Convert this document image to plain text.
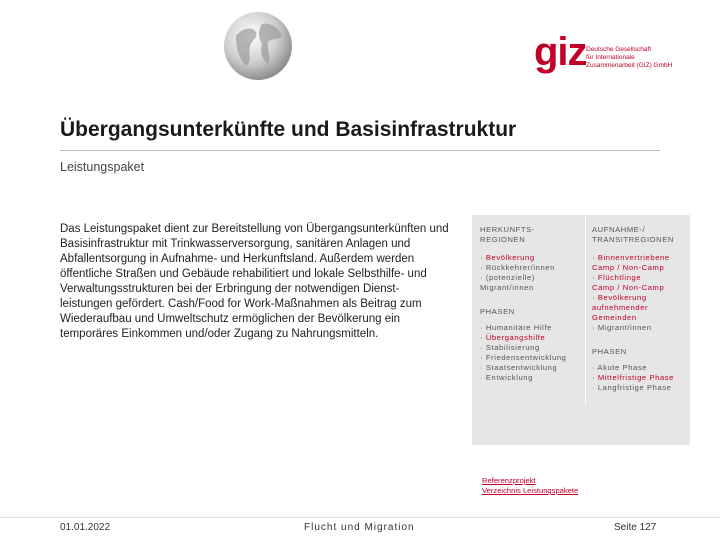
giz Deutsche Gesellschaft
für Internationale
Zusammenarbeit (GIZ) GmbH
Übergangsunterkünfte und Basisinfrastruktur
Leistungspaket
Das Leistungspaket dient zur Bereitstellung von Übergangsunterkünften und Basisinfrastruktur mit Trinkwasserversorgung, sanitären Anlagen und Abfallentsorgung in Aufnahme- und Herkunftsland. Außerdem werden öffentliche Straßen und Gebäude rehabilitiert und lokale Selbsthilfe- und Verwaltungsstrukturen bei der Erbringung der notwendigen Dienst-leistungen gefördert. Cash/Food for Work-Maßnahmen als Beitrag zum Wiederaufbau und Umweltschutz ermöglichen der Bevölkerung ein temporäres Einkommen und/oder Zugang zu Nahrungsmitteln.
HERKUNFTS-
REGIONEN
· Bevölkerung
· Rückkehrer/innen
· (potenzielle)
Migrant/innen
PHASEN
· Humanitäre Hilfe
· Übergangshilfe
· Stabilisierung
· Friedensentwicklung
· Staatsentwicklung
· Entwicklung
AUFNAHME-/
TRANSITREGIONEN
· Binnenvertriebene
Camp / Non-Camp
· Flüchtlinge
Camp / Non-Camp
· Bevölkerung
aufnehmender
Gemeinden
· Migrant/innen
PHASEN
· Akute Phase
· Mittelfristige Phase
· Langfristige Phase
Referenzprojekt
Verzeichnis Leistungspakete
01.01.2022	Flucht und Migration	Seite 127
